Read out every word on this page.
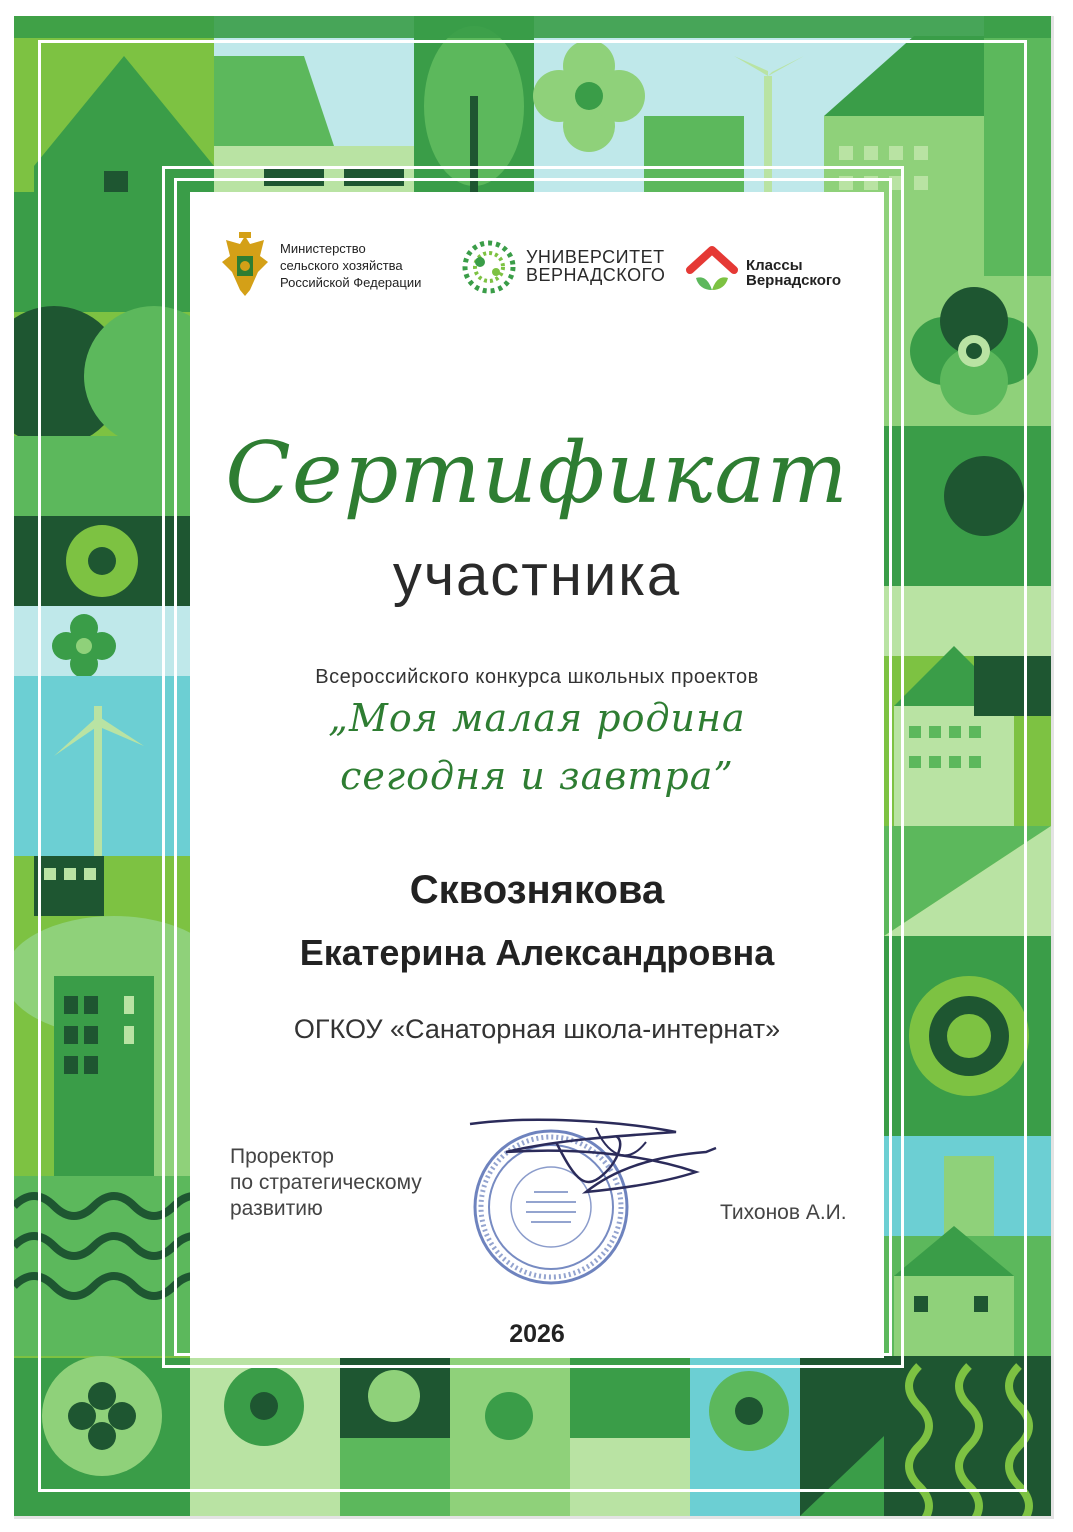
Министерство
сельского хозяйства
Российской Федерации
УНИВЕРСИТЕТ
ВЕРНАДСКОГО	Классы
Вернадского
Сертификат
участника
Всероссийского конкурса школьных проектов
„Моя малая родина
сегодня и завтра”
Сквознякова
Екатерина Александровна
ОГКОУ «Санаторная школа-интернат»
Проректор
по стратегическому
развитию	Тихонов А.И.
2026
